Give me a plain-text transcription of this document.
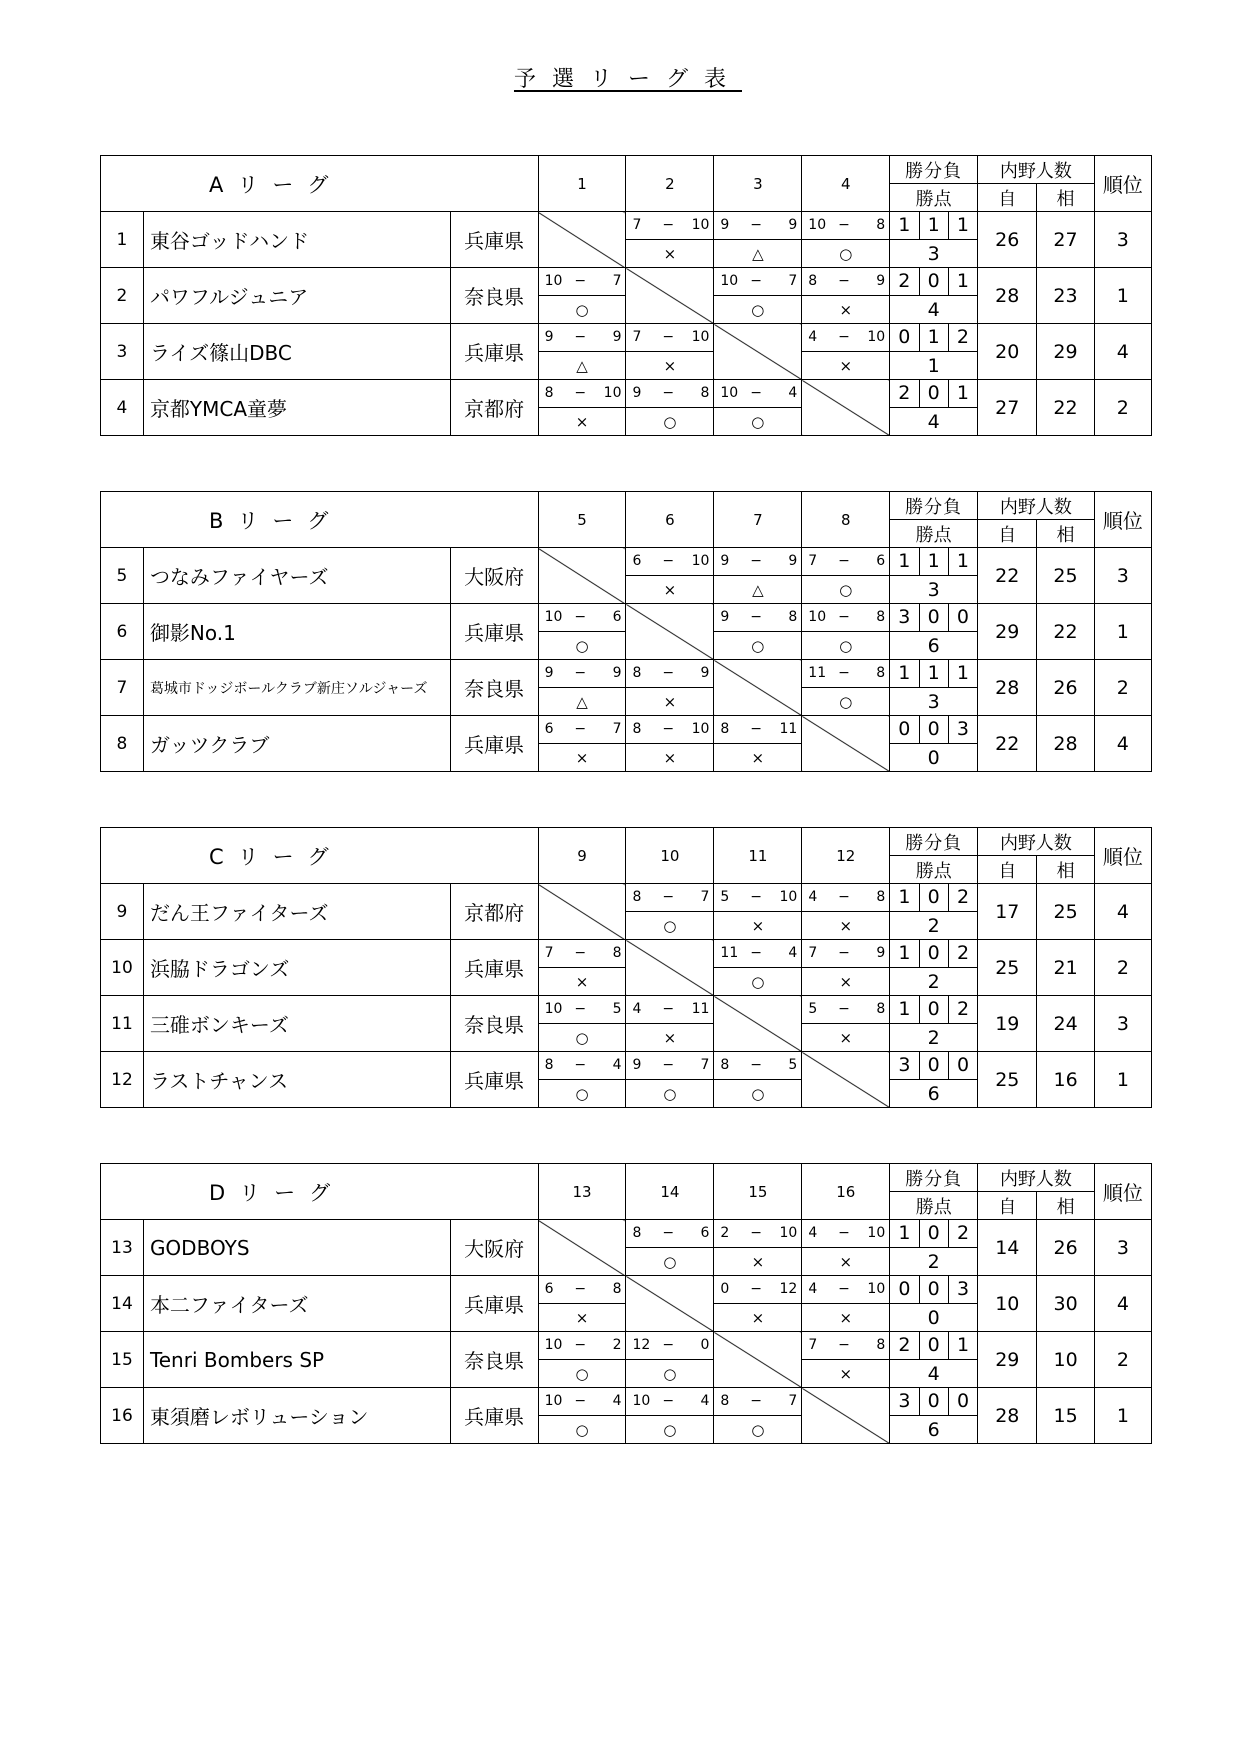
予選リーグ表
Aリーグ			1	2	3	4	勝分負	内野人数		順位
							勝点	自	相	
1	東谷ゴッドハンド	兵庫県		7 − 10	9 − 9	10 − 8	1 1 1	26	27	3
				×	△	○	3			
2	パワフルジュニア	奈良県	10 − 7		10 − 7	8 − 9	2 0 1	28	23	1
			○		○	×	4			
3	ライズ篠山DBC	兵庫県	9 − 9	7 − 10		4 − 10	0 1 2	20	29	4
			△	×		×	1			
4	京都YMCA童夢	京都府	8 − 10	9 − 8	10 − 4		2 0 1	27	22	2
			×	○	○		4			
Bリーグ			5	6	7	8	勝分負	内野人数		順位
							勝点	自	相	
5	つなみファイヤーズ	大阪府		6 − 10	9 − 9	7 − 6	1 1 1	22	25	3
				×	△	○	3			
6	御影No.1	兵庫県	10 − 6		9 − 8	10 − 8	3 0 0	29	22	1
			○		○	○	6			
7	葛城市ドッジボールクラブ新庄ソルジャーズ	奈良県	9 − 9	8 − 9		11 − 8	1 1 1	28	26	2
			△	×		○	3			
8	ガッツクラブ	兵庫県	6 − 7	8 − 10	8 − 11		0 0 3	22	28	4
			×	×	×		0			
Cリーグ			9	10	11	12	勝分負	内野人数		順位
							勝点	自	相	
9	だん王ファイターズ	京都府		8 − 7	5 − 10	4 − 8	1 0 2	17	25	4
				○	×	×	2			
10	浜脇ドラゴンズ	兵庫県	7 − 8		11 − 4	7 − 9	1 0 2	25	21	2
			×		○	×	2			
11	三碓ボンキーズ	奈良県	10 − 5	4 − 11		5 − 8	1 0 2	19	24	3
			○	×		×	2			
12	ラストチャンス	兵庫県	8 − 4	9 − 7	8 − 5		3 0 0	25	16	1
			○	○	○		6			
Dリーグ			13	14	15	16	勝分負	内野人数		順位
							勝点	自	相	
13	GODBOYS	大阪府		8 − 6	2 − 10	4 − 10	1 0 2	14	26	3
				○	×	×	2			
14	本二ファイターズ	兵庫県	6 − 8		0 − 12	4 − 10	0 0 3	10	30	4
			×		×	×	0			
15	Tenri Bombers SP	奈良県	10 − 2	12 − 0		7 − 8	2 0 1	29	10	2
			○	○		×	4			
16	東須磨レボリューション	兵庫県	10 − 4	10 − 4	8 − 7		3 0 0	28	15	1
			○	○	○		6			
